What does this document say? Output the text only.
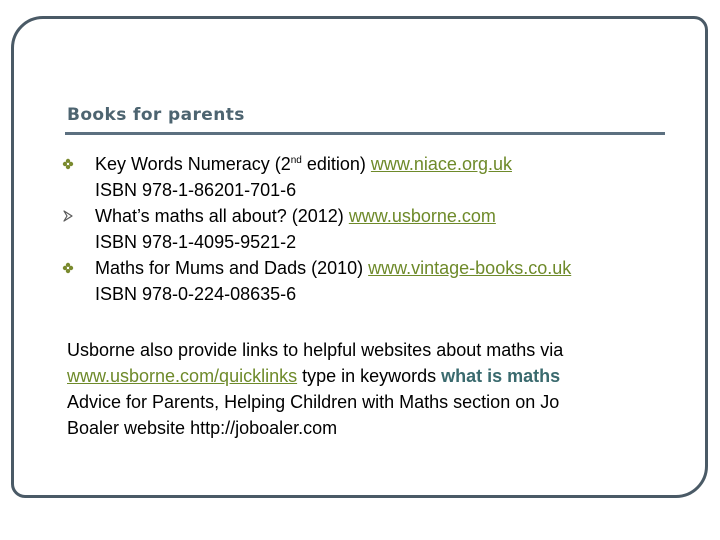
Books for parents
Key Words Numeracy (2nd edition) www.niace.org.uk
ISBN 978-1-86201-701-6
What’s maths all about? (2012) www.usborne.com
ISBN 978-1-4095-9521-2
Maths for Mums and Dads (2010) www.vintage-books.co.uk
ISBN 978-0-224-08635-6

Usborne also provide links to helpful websites about maths via
www.usborne.com/quicklinks type in keywords what is maths
Advice for Parents, Helping Children with Maths section on Jo
Boaler website http://joboaler.com
